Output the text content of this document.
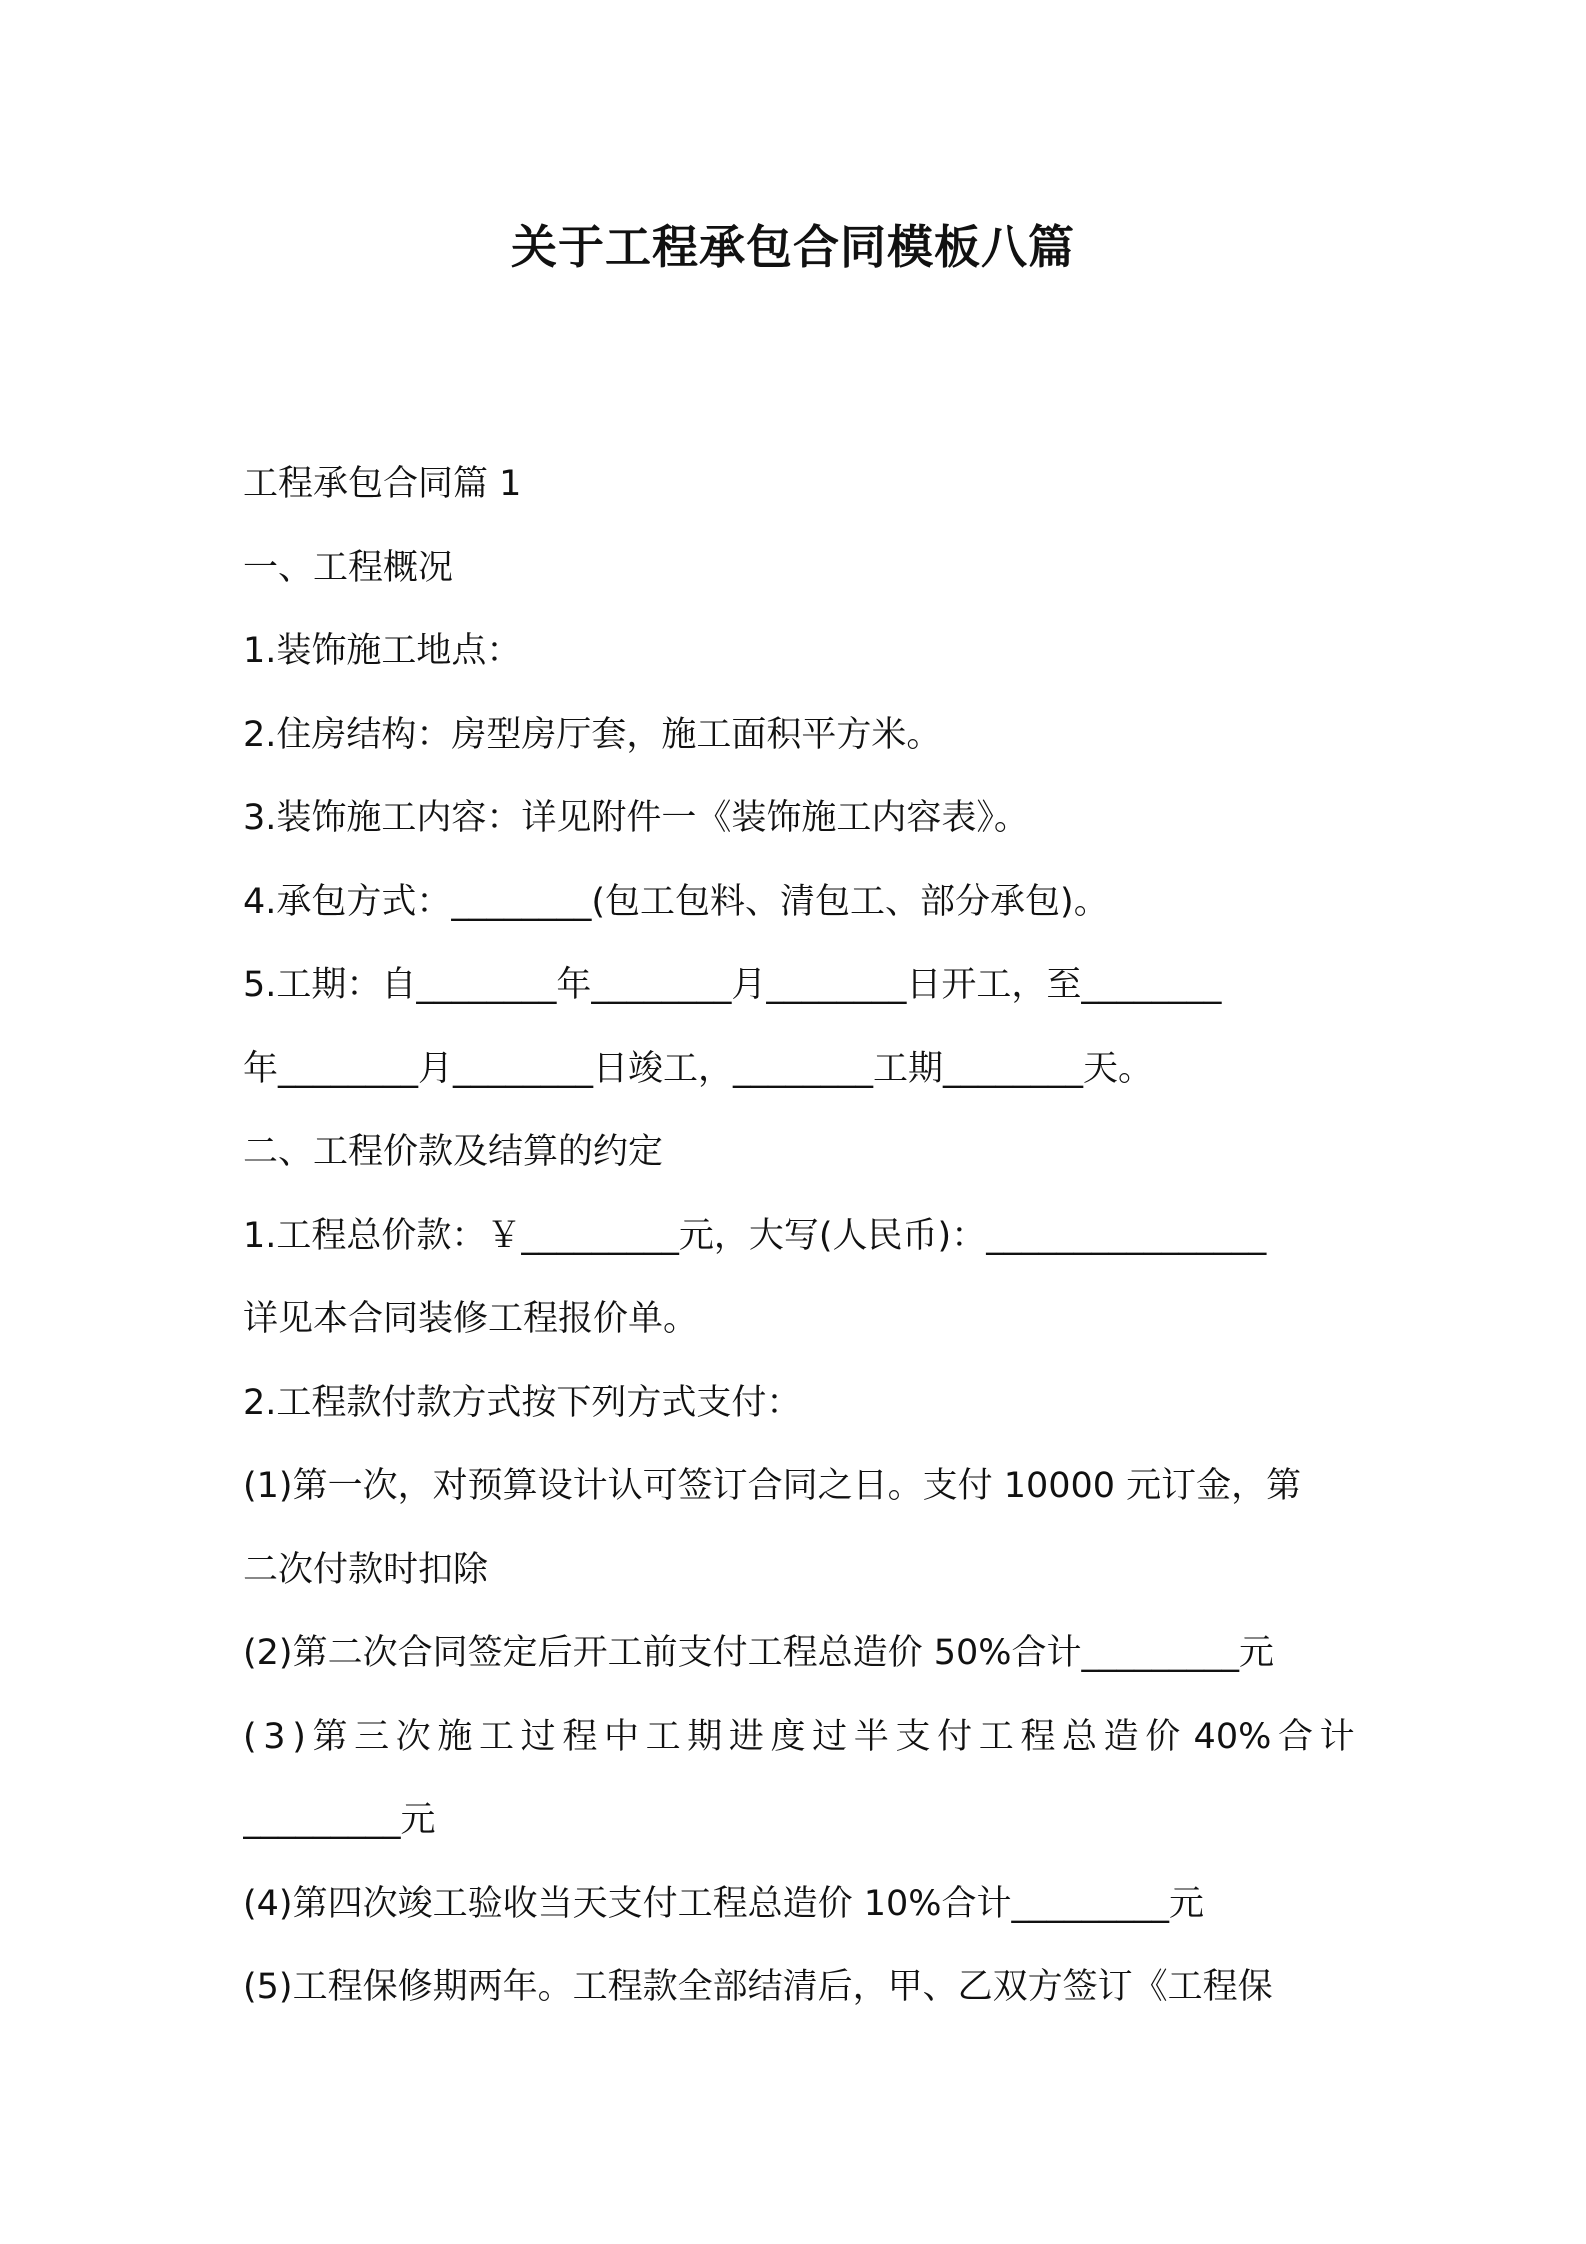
关于工程承包合同模板八篇
工程承包合同篇 1
一、工程概况
1.装饰施工地点：
2.住房结构：房型房厅套，施工面积平方米。
3.装饰施工内容：详见附件一《装饰施工内容表》。
4.承包方式：________(包工包料、清包工、部分承包)。
5.工期：自________年________月________日开工，至________
年________月________日竣工，________工期________天。
二、工程价款及结算的约定
1.工程总价款：￥_________元，大写(人民币)：________________
详见本合同装修工程报价单。
2.工程款付款方式按下列方式支付：
(1)第一次，对预算设计认可签订合同之日。支付 10000 元订金，第
二次付款时扣除
(2)第二次合同签定后开工前支付工程总造价 50%合计_________元
( 3 ) 第 三 次 施 工 过 程 中 工 期 进 度 过 半 支 付 工 程 总 造 价 40% 合 计
_________元
(4)第四次竣工验收当天支付工程总造价 10%合计_________元
(5)工程保修期两年。工程款全部结清后，甲、乙双方签订《工程保
